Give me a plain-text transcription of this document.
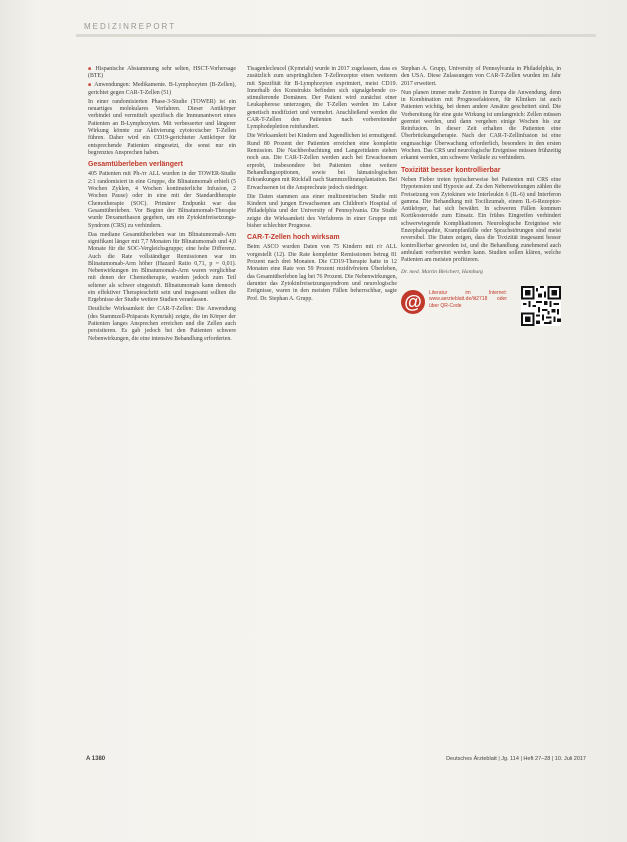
MEDIZINREPORT

■ Hispanische Abstammung sehr selten, HSCT-Vorhersage (BTE)

■ Anwendungen: Medikamente. B-Lymphozyten (B-Zellen), gerichtet gegen CAR-T-Zellen (51)

In einer randomisierten Phase-3-Studie (TOWER) ist ein neuartiges molekulares Verfahren. Dieser Antikörper verbindet und vermittelt spezifisch die Immunantwort eines Patienten an B-Lymphozyten. Mit verbesserter und längerer Wirkung könnte zur Aktivierung zytotoxischer T-Zellen führen. Daher wird ein CD19-gerichteter Antikörper für entsprechende Patienten eingesetzt, die sonst nur ein begrenztes Ansprechen haben.

Gesamtüberleben verlängert

405 Patienten mit Ph-/rr ALL wurden in der TOWER-Studie 2:1 randomisiert in eine Gruppe, die Blinatumomab erhielt (5 Wochen Zyklen, 4 Wochen kontinuierliche Infusion, 2 Wochen Pause) oder in eine mit der Standardtherapie Chemotherapie (SOC). Primärer Endpunkt war das Gesamtüberleben. Vor Beginn der Blinatumomab-Therapie wurde Dexamethason gegeben, um ein Zytokinfreisetzungs-Syndrom (CRS) zu verhindern.

Das mediane Gesamtüberleben war im Blinatumomab-Arm signifikant länger mit 7,7 Monaten für Blinatumomab und 4,0 Monate für die SOC-Vergleichsgruppe; eine hohe Differenz. Auch die Rate vollständiger Remissionen war im Blinatumomab-Arm höher (Hazard Ratio 0,71, p = 0,01). Nebenwirkungen im Blinatumomab-Arm waren verglichbar mit denen der Chemotherapie, wurden jedoch zum Teil seltener als schwer eingestuft. Blinatumomab kann dennoch ein effektiver Therapieschritt sein und insgesamt sollten die Ergebnisse der Studie weitere Studien veranlassen.

Deutliche Wirksamkeit der CAR-T-Zellen: Die Anwendung (des Stammzell-Präparats Kymriah) zeigte, die im Körper der Patienten langes Ansprechen erreichen und die Zellen auch persistieren. Es gab jedoch bei den Patienten schwere Nebenwirkungen, die eine intensive Behandlung erforderten.

Tisagenlecleucel (Kymriah) wurde in 2017 zugelassen, dass es zusätzlich zum ursprünglichen T-Zellrezeptor einen weiteren mit Spezifität für B-Lymphozyten exprimiert, meist CD19. Innerhalb des Konstrukts befinden sich signalgebende co-stimulierende Domänen. Der Patient wird zunächst einer Leukapherese unterzogen, die T-Zellen werden im Labor genetisch modifiziert und vermehrt. Anschließend werden die CAR-T-Zellen den Patienten nach vorbereitender Lymphodepletion reinfundiert.

Die Wirksamkeit bei Kindern und Jugendlichen ist ermutigend. Rund 80 Prozent der Patienten erreichen eine komplette Remission. Die Nachbeobachtung und Langzeitdaten stehen noch aus. Die CAR-T-Zellen werden auch bei Erwachsenen erprobt, insbesondere bei Patienten ohne weitere Behandlungsoptionen, sowie bei hämatologischen Erkrankungen mit Rückfall nach Stammzelltransplantation. Bei Erwachsenen ist die Ansprechrate jedoch niedriger.

Die Daten stammen aus einer multizentrischen Studie mit Kindern und jungen Erwachsenen am Children's Hospital of Philadelphia und der University of Pennsylvania. Die Studie zeigte die Wirksamkeit des Verfahrens in einer Gruppe mit bisher schlechter Prognose.

CAR-T-Zellen hoch wirksam

Beim ASCO wurden Daten von 75 Kindern mit r/r ALL vorgestellt (12). Die Rate kompletter Remissionen betrug 81 Prozent nach drei Monaten. Die CD19-Therapie hatte in 12 Monaten eine Rate von 59 Prozent rezidivfreiem Überleben, das Gesamtüberleben lag bei 76 Prozent. Die Nebenwirkungen, darunter das Zytokinfreisetzungssyndrom und neurologische Ereignisse, waren in den meisten Fällen beherrschbar, sagte Prof. Dr. Stephan A. Grupp.

Stephan A. Grupp, University of Pennsylvania in Philadelphia, in den USA. Diese Zulassungen von CAR-T-Zellen wurden im Jahr 2017 erweitert.

Nun planen immer mehr Zentren in Europa die Anwendung, denn in Kombination mit Prognosefaktoren, für Kliniken ist auch Patienten wichtig, bei denen andere Ansätze gescheitert sind. Die Vorbereitung für eine gute Wirkung ist umfangreich: Zellen müssen geerntet werden, und dann vergehen einige Wochen bis zur Reinfusion. In dieser Zeit erhalten die Patienten eine Überbrückungstherapie. Nach der CAR-T-Zellinfusion ist eine engmaschige Überwachung erforderlich, besonders in den ersten Wochen. Das CRS und neurologische Ereignisse müssen frühzeitig erkannt werden, um schwere Verläufe zu verhindern.

Toxizität besser kontrollierbar

Neben Fieber treten typischerweise bei Patienten mit CRS eine Hypotension und Hypoxie auf. Zu den Nebenwirkungen zählen die Freisetzung von Zytokinen wie Interleukin 6 (IL-6) und Interferon gamma. Die Behandlung mit Tocilizumab, einem IL-6-Rezeptor-Antikörper, hat sich bewährt. In schweren Fällen kommen Kortikosteroide zum Einsatz. Ein frühes Eingreifen verhindert schwerwiegende Komplikationen. Neurologische Ereignisse wie Enzephalopathie, Krampfanfälle oder Sprachstörungen sind meist reversibel. Die Daten zeigen, dass die Toxizität insgesamt besser kontrollierbar geworden ist, und die Behandlung zunehmend auch ambulant vorbereitet werden kann. Studien sollen klären, welche Patienten am meisten profitieren.

Dr. med. Martin Bleichert, Hamburg
@	Literatur im Internet: www.aerzteblatt.de/lit2718 oder über QR-Code
A 1380	Deutsches Ärzteblatt | Jg. 114 | Heft 27–28 | 10. Juli 2017
